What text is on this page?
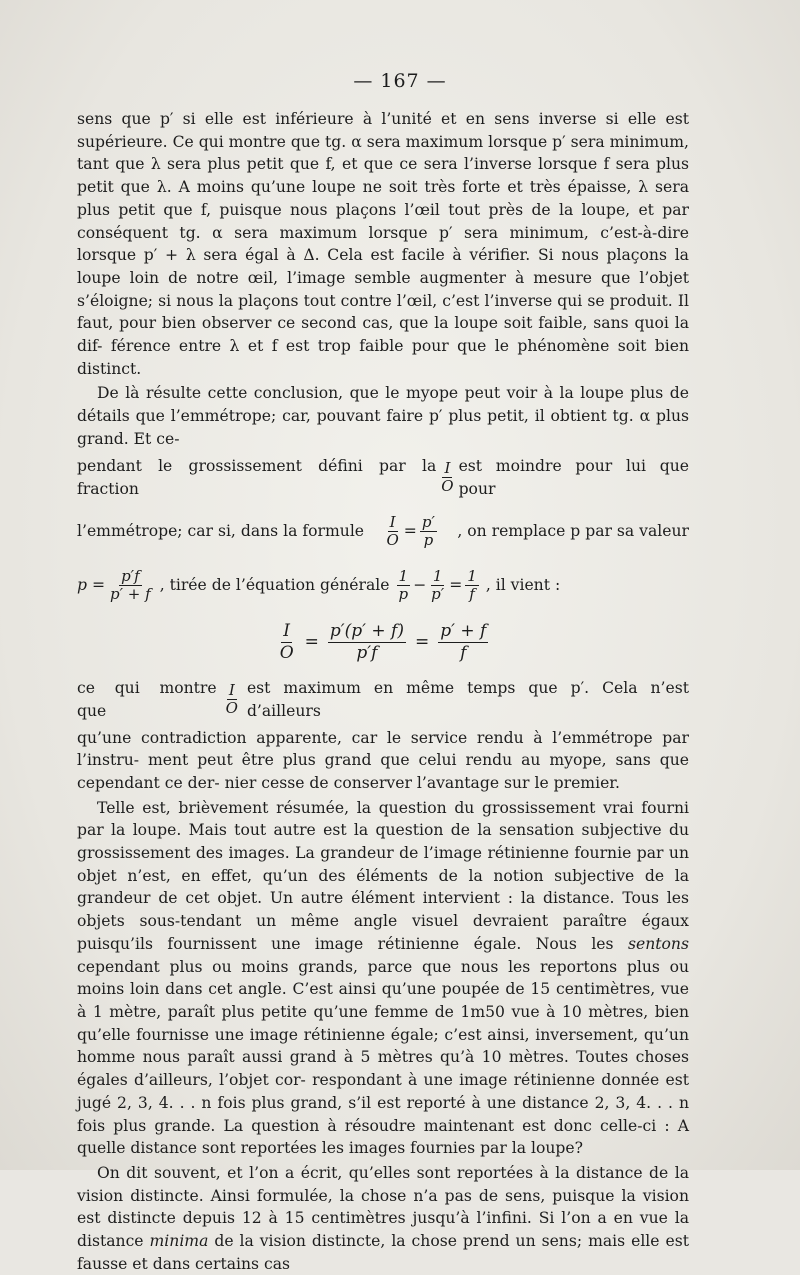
— 167 —

sens que p′ si elle est inférieure à l’unité et en sens inverse si elle est supérieure. Ce qui montre que tg. α sera maximum lorsque p′ sera minimum, tant que λ sera plus petit que f, et que ce sera l’inverse lorsque f sera plus petit que λ. A moins qu’une loupe ne soit très forte et très épaisse, λ sera plus petit que f, puisque nous plaçons l’œil tout près de la loupe, et par conséquent tg. α sera maximum lorsque p′ sera minimum, c’est-à-dire lorsque p′ + λ sera égal à Δ. Cela est facile à vérifier. Si nous plaçons la loupe loin de notre œil, l’image semble augmenter à mesure que l’objet s’éloigne; si nous la plaçons tout contre l’œil, c’est l’inverse qui se produit. Il faut, pour bien observer ce second cas, que la loupe soit faible, sans quoi la dif- férence entre λ et f est trop faible pour que le phénomène soit bien distinct.

De là résulte cette conclusion, que le myope peut voir à la loupe plus de détails que l’emmétrope; car, pouvant faire p′ plus petit, il obtient tg. α plus grand. Et ce-

pendant le grossissement défini par la fraction	$\frac{I}{O}$ est moindre pour lui que pour
l’emmétrope; car si, dans la formule $\frac{I}{O} = \frac{p'}{p}$ , on remplace p par sa valeur
$p = \frac{p'f}{p' + f}$ , tirée de l’équation générale $\frac{1}{p} - \frac{1}{p'} = \frac{1}{f}$ , il vient :
$\frac{I}{O} = \frac{p'(p' + f)}{p'f} = \frac{p' + f}{f}$
ce qui montre que	$\frac{I}{O}$ est maximum en même temps que p′. Cela n’est d’ailleurs

qu’une contradiction apparente, car le service rendu à l’emmétrope par l’instru- ment peut être plus grand que celui rendu au myope, sans que cependant ce der- nier cesse de conserver l’avantage sur le premier.

Telle est, brièvement résumée, la question du grossissement vrai fourni par la loupe. Mais tout autre est la question de la sensation subjective du grossissement des images. La grandeur de l’image rétinienne fournie par un objet n’est, en effet, qu’un des éléments de la notion subjective de la grandeur de cet objet. Un autre élément intervient : la distance. Tous les objets sous-tendant un même angle visuel devraient paraître égaux puisqu’ils fournissent une image rétinienne égale. Nous les sentons cependant plus ou moins grands, parce que nous les reportons plus ou moins loin dans cet angle. C’est ainsi qu’une poupée de 15 centimètres, vue à 1 mètre, paraît plus petite qu’une femme de 1m50 vue à 10 mètres, bien qu’elle fournisse une image rétinienne égale; c’est ainsi, inversement, qu’un homme nous paraît aussi grand à 5 mètres qu’à 10 mètres. Toutes choses égales d’ailleurs, l’objet cor- respondant à une image rétinienne donnée est jugé 2, 3, 4. . . n fois plus grand, s’il est reporté à une distance 2, 3, 4. . . n fois plus grande. La question à résoudre maintenant est donc celle-ci : A quelle distance sont reportées les images fournies par la loupe?

On dit souvent, et l’on a écrit, qu’elles sont reportées à la distance de la vision distincte. Ainsi formulée, la chose n’a pas de sens, puisque la vision est distincte depuis 12 à 15 centimètres jusqu’à l’infini. Si l’on a en vue la distance minima de la vision distincte, la chose prend un sens; mais elle est fausse et dans certains cas
